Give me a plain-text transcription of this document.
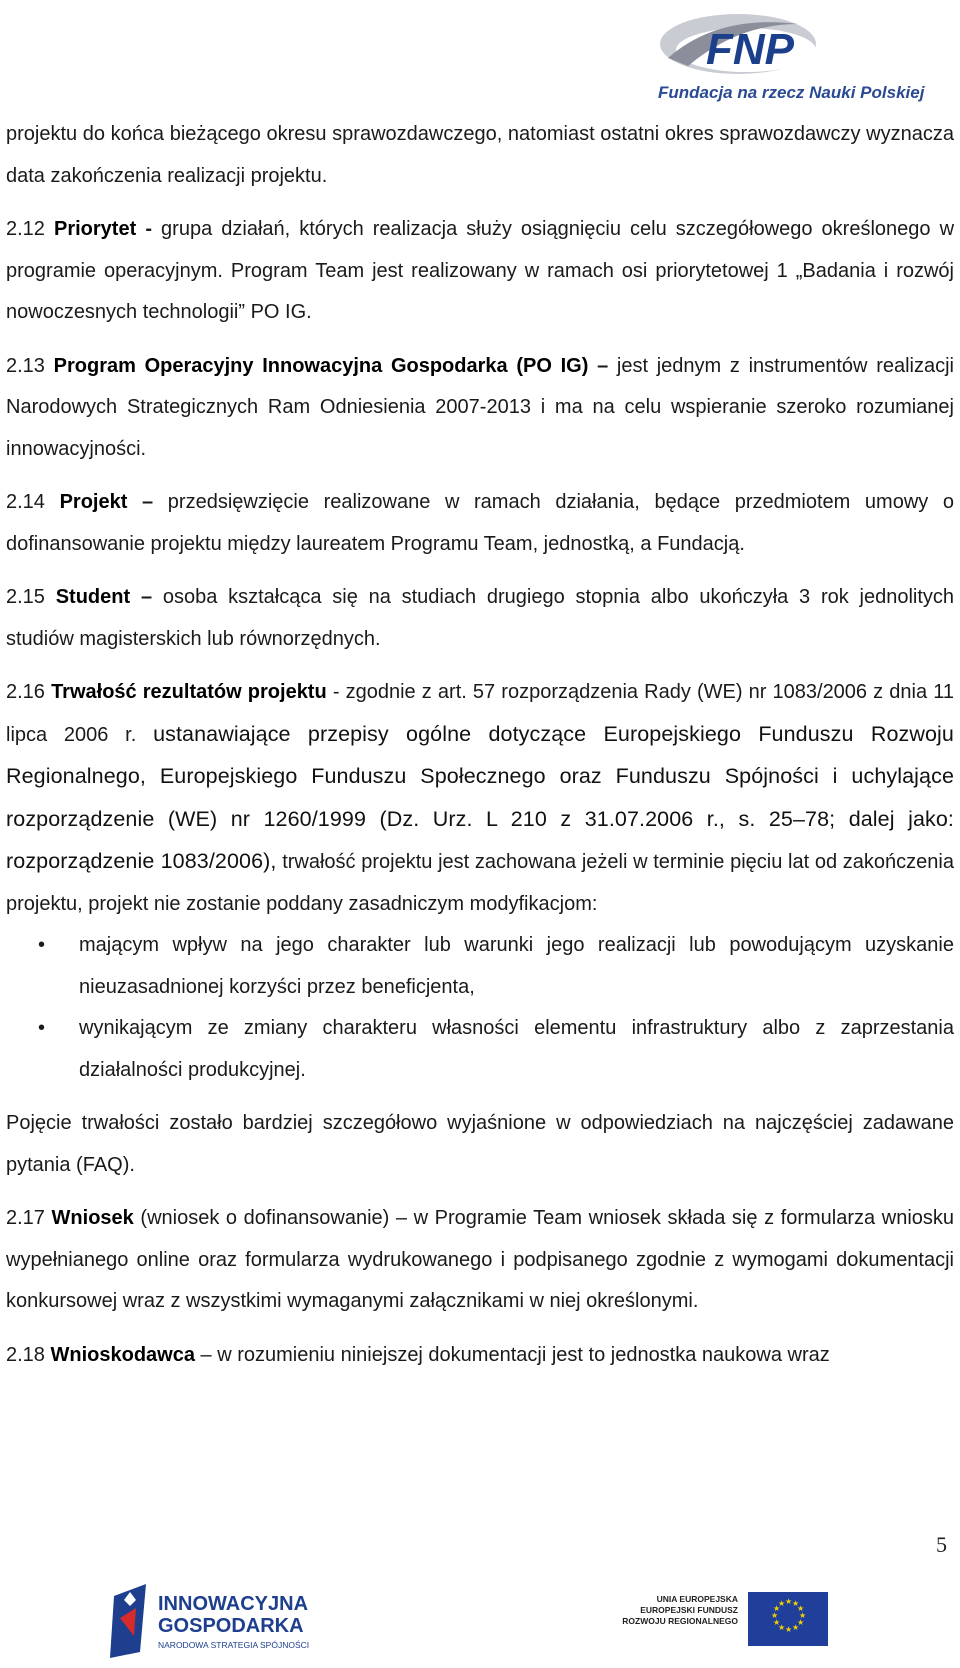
FNP
Fundacja na rzecz Nauki Polskiej

projektu do końca bieżącego okresu sprawozdawczego, natomiast ostatni okres sprawozdawczy wyznacza data zakończenia realizacji projektu.

2.12 Priorytet - grupa działań, których realizacja służy osiągnięciu celu szczegółowego określonego w programie operacyjnym. Program Team jest realizowany w ramach osi priorytetowej 1 „Badania i rozwój nowoczesnych technologii” PO IG.

2.13 Program Operacyjny Innowacyjna Gospodarka (PO IG) – jest jednym z instrumentów realizacji Narodowych Strategicznych Ram Odniesienia 2007-2013 i ma na celu wspieranie szeroko rozumianej innowacyjności.

2.14 Projekt – przedsięwzięcie realizowane w ramach działania, będące przedmiotem umowy o dofinansowanie projektu między laureatem Programu Team, jednostką, a Fundacją.

2.15 Student – osoba kształcąca się na studiach drugiego stopnia albo ukończyła 3 rok jednolitych studiów magisterskich lub równorzędnych.

2.16 Trwałość rezultatów projektu - zgodnie z art. 57 rozporządzenia Rady (WE) nr 1083/2006 z dnia 11 lipca 2006 r. ustanawiające przepisy ogólne dotyczące Europejskiego Funduszu Rozwoju Regionalnego, Europejskiego Funduszu Społecznego oraz Funduszu Spójności i uchylające rozporządzenie (WE) nr 1260/1999 (Dz. Urz. L 210 z 31.07.2006 r., s. 25–78; dalej jako: rozporządzenie 1083/2006), trwałość projektu jest zachowana jeżeli w terminie pięciu lat od zakończenia projektu, projekt nie zostanie poddany zasadniczym modyfikacjom:

• mającym wpływ na jego charakter lub warunki jego realizacji lub powodującym uzyskanie nieuzasadnionej korzyści przez beneficjenta,
• wynikającym ze zmiany charakteru własności elementu infrastruktury albo z zaprzestania działalności produkcyjnej.

Pojęcie trwałości zostało bardziej szczegółowo wyjaśnione w odpowiedziach na najczęściej zadawane pytania (FAQ).

2.17 Wniosek (wniosek o dofinansowanie) – w Programie Team wniosek składa się z formularza wniosku wypełnianego online oraz formularza wydrukowanego i podpisanego zgodnie z wymogami dokumentacji konkursowej wraz z wszystkimi wymaganymi załącznikami w niej określonymi.

2.18 Wnioskodawca – w rozumieniu niniejszej dokumentacji jest to jednostka naukowa wraz

5
INNOWACYJNA
GOSPODARKA
NARODOWA STRATEGIA SPÓJNOŚCI
UNIA EUROPEJSKA
EUROPEJSKI FUNDUSZ
ROZWOJU REGIONALNEGO
★ ★
★
★
★
★
★
★
★
★
★
★
